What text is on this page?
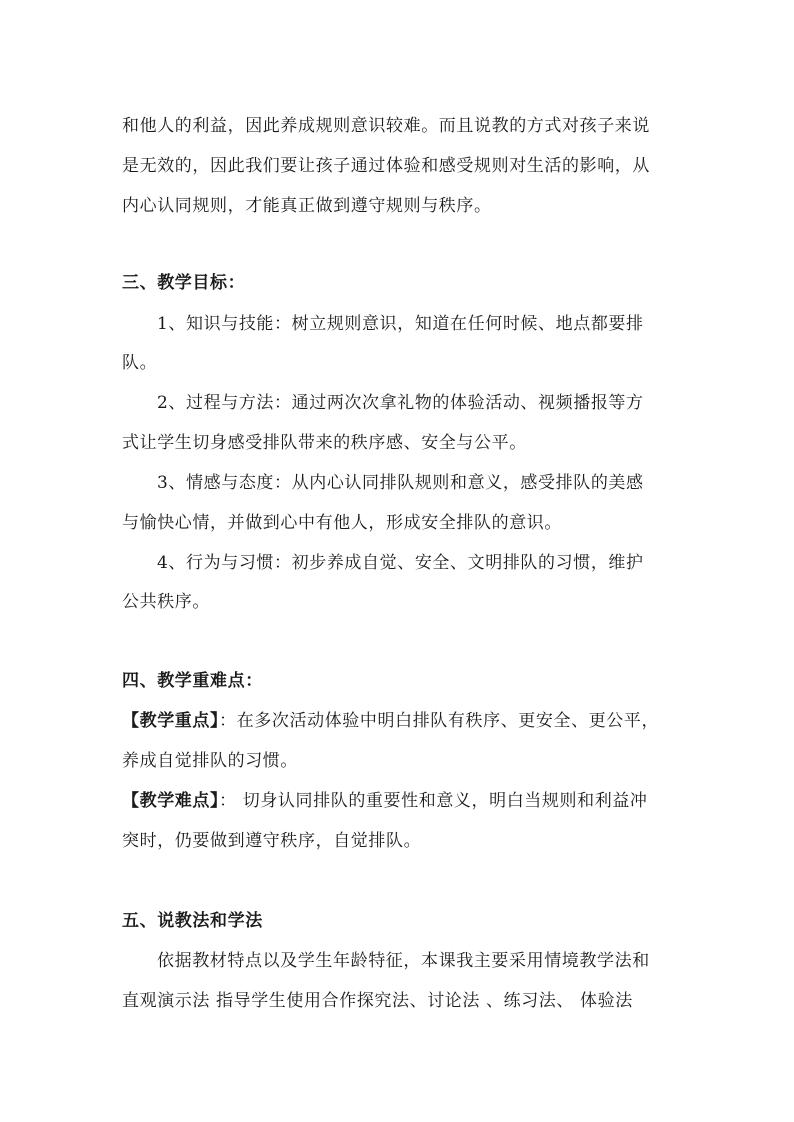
和他人的利益，因此养成规则意识较难。而且说教的方式对孩子来说
是无效的，因此我们要让孩子通过体验和感受规则对生活的影响，从
内心认同规则，才能真正做到遵守规则与秩序。
三、教学目标：
1、知识与技能：树立规则意识，知道在任何时候、地点都要排
队。
2、过程与方法：通过两次次拿礼物的体验活动、视频播报等方
式让学生切身感受排队带来的秩序感、安全与公平。
3、情感与态度：从内心认同排队规则和意义，感受排队的美感
与愉快心情，并做到心中有他人，形成安全排队的意识。
4、行为与习惯：初步养成自觉、安全、文明排队的习惯，维护
公共秩序。
四、教学重难点：
【教学重点】：在多次活动体验中明白排队有秩序、更安全、更公平，
养成自觉排队的习惯。
【教学难点】： 切身认同排队的重要性和意义，明白当规则和利益冲
突时，仍要做到遵守秩序，自觉排队。
五、说教法和学法
依据教材特点以及学生年龄特征，本课我主要采用情境教学法和
直观演示法 指导学生使用合作探究法、讨论法 、练习法、 体验法
